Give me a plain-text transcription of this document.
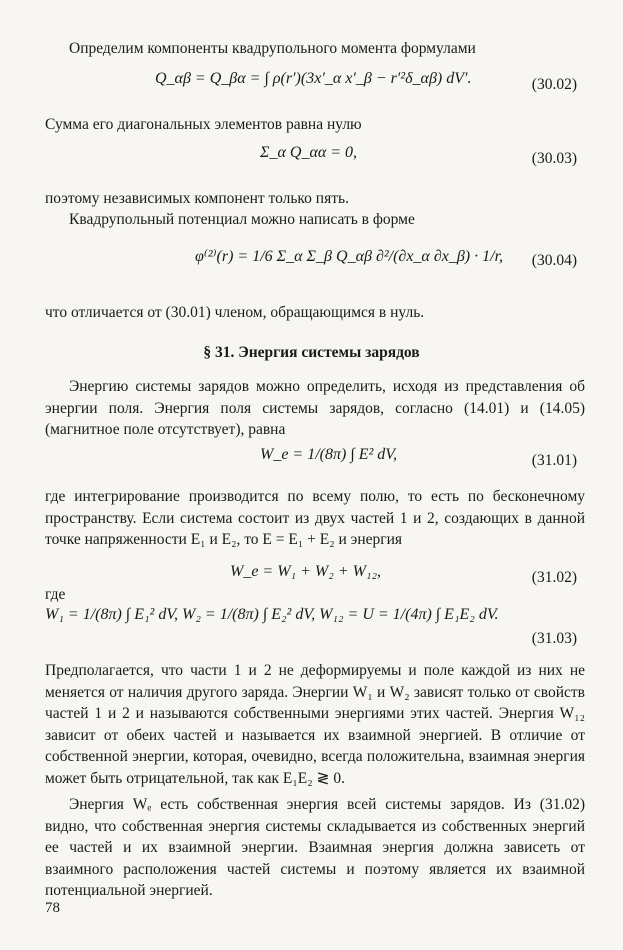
Определим компоненты квадрупольного момента формулами

Q_αβ = Q_βα = ∫ ρ(r′)(3x′_α x′_β − r′²δ_αβ) dV′.	(30.02)

Сумма его диагональных элементов равна нулю

Σ_α Q_αα = 0,	(30.03)

поэтому независимых компонент только пять.

Квадрупольный потенциал можно написать в форме

φ⁽²⁾(r) = 1/6 Σ_α Σ_β Q_αβ ∂²/(∂x_α ∂x_β) · 1/r, (30.04)

что отличается от (30.01) членом, обращающимся в нуль.

§ 31. Энергия системы зарядов

Энергию системы зарядов можно определить, исходя из представления об энергии поля. Энергия поля системы зарядов, согласно (14.01) и (14.05) (магнитное поле отсутствует), равна

W_e = 1/(8π) ∫ E² dV,	(31.01)

где интегрирование производится по всему полю, то есть по бесконечному пространству. Если система состоит из двух частей 1 и 2, создающих в данной точке напряженности E₁ и E₂, то E = E₁ + E₂ и энергия

W_e = W₁ + W₂ + W₁₂,	(31.02)

где

W₁ = 1/(8π) ∫ E₁² dV, W₂ = 1/(8π) ∫ E₂² dV, W₁₂ = U = 1/(4π) ∫ E₁E₂ dV.
(31.03)

Предполагается, что части 1 и 2 не деформируемы и поле каждой из них не меняется от наличия другого заряда. Энергии W₁ и W₂ зависят только от свойств частей 1 и 2 и называются собственными энергиями этих частей. Энергия W₁₂ зависит от обеих частей и называется их взаимной энергией. В отличие от собственной энергии, которая, очевидно, всегда положительна, взаимная энергия может быть отрицательной, так как E₁E₂ ≷ 0.

Энергия Wₑ есть собственная энергия всей системы зарядов. Из (31.02) видно, что собственная энергия системы складывается из собственных энергий ее частей и их взаимной энергии. Взаимная энергия должна зависеть от взаимного расположения частей системы и поэтому является их взаимной потенциальной энергией.

78
